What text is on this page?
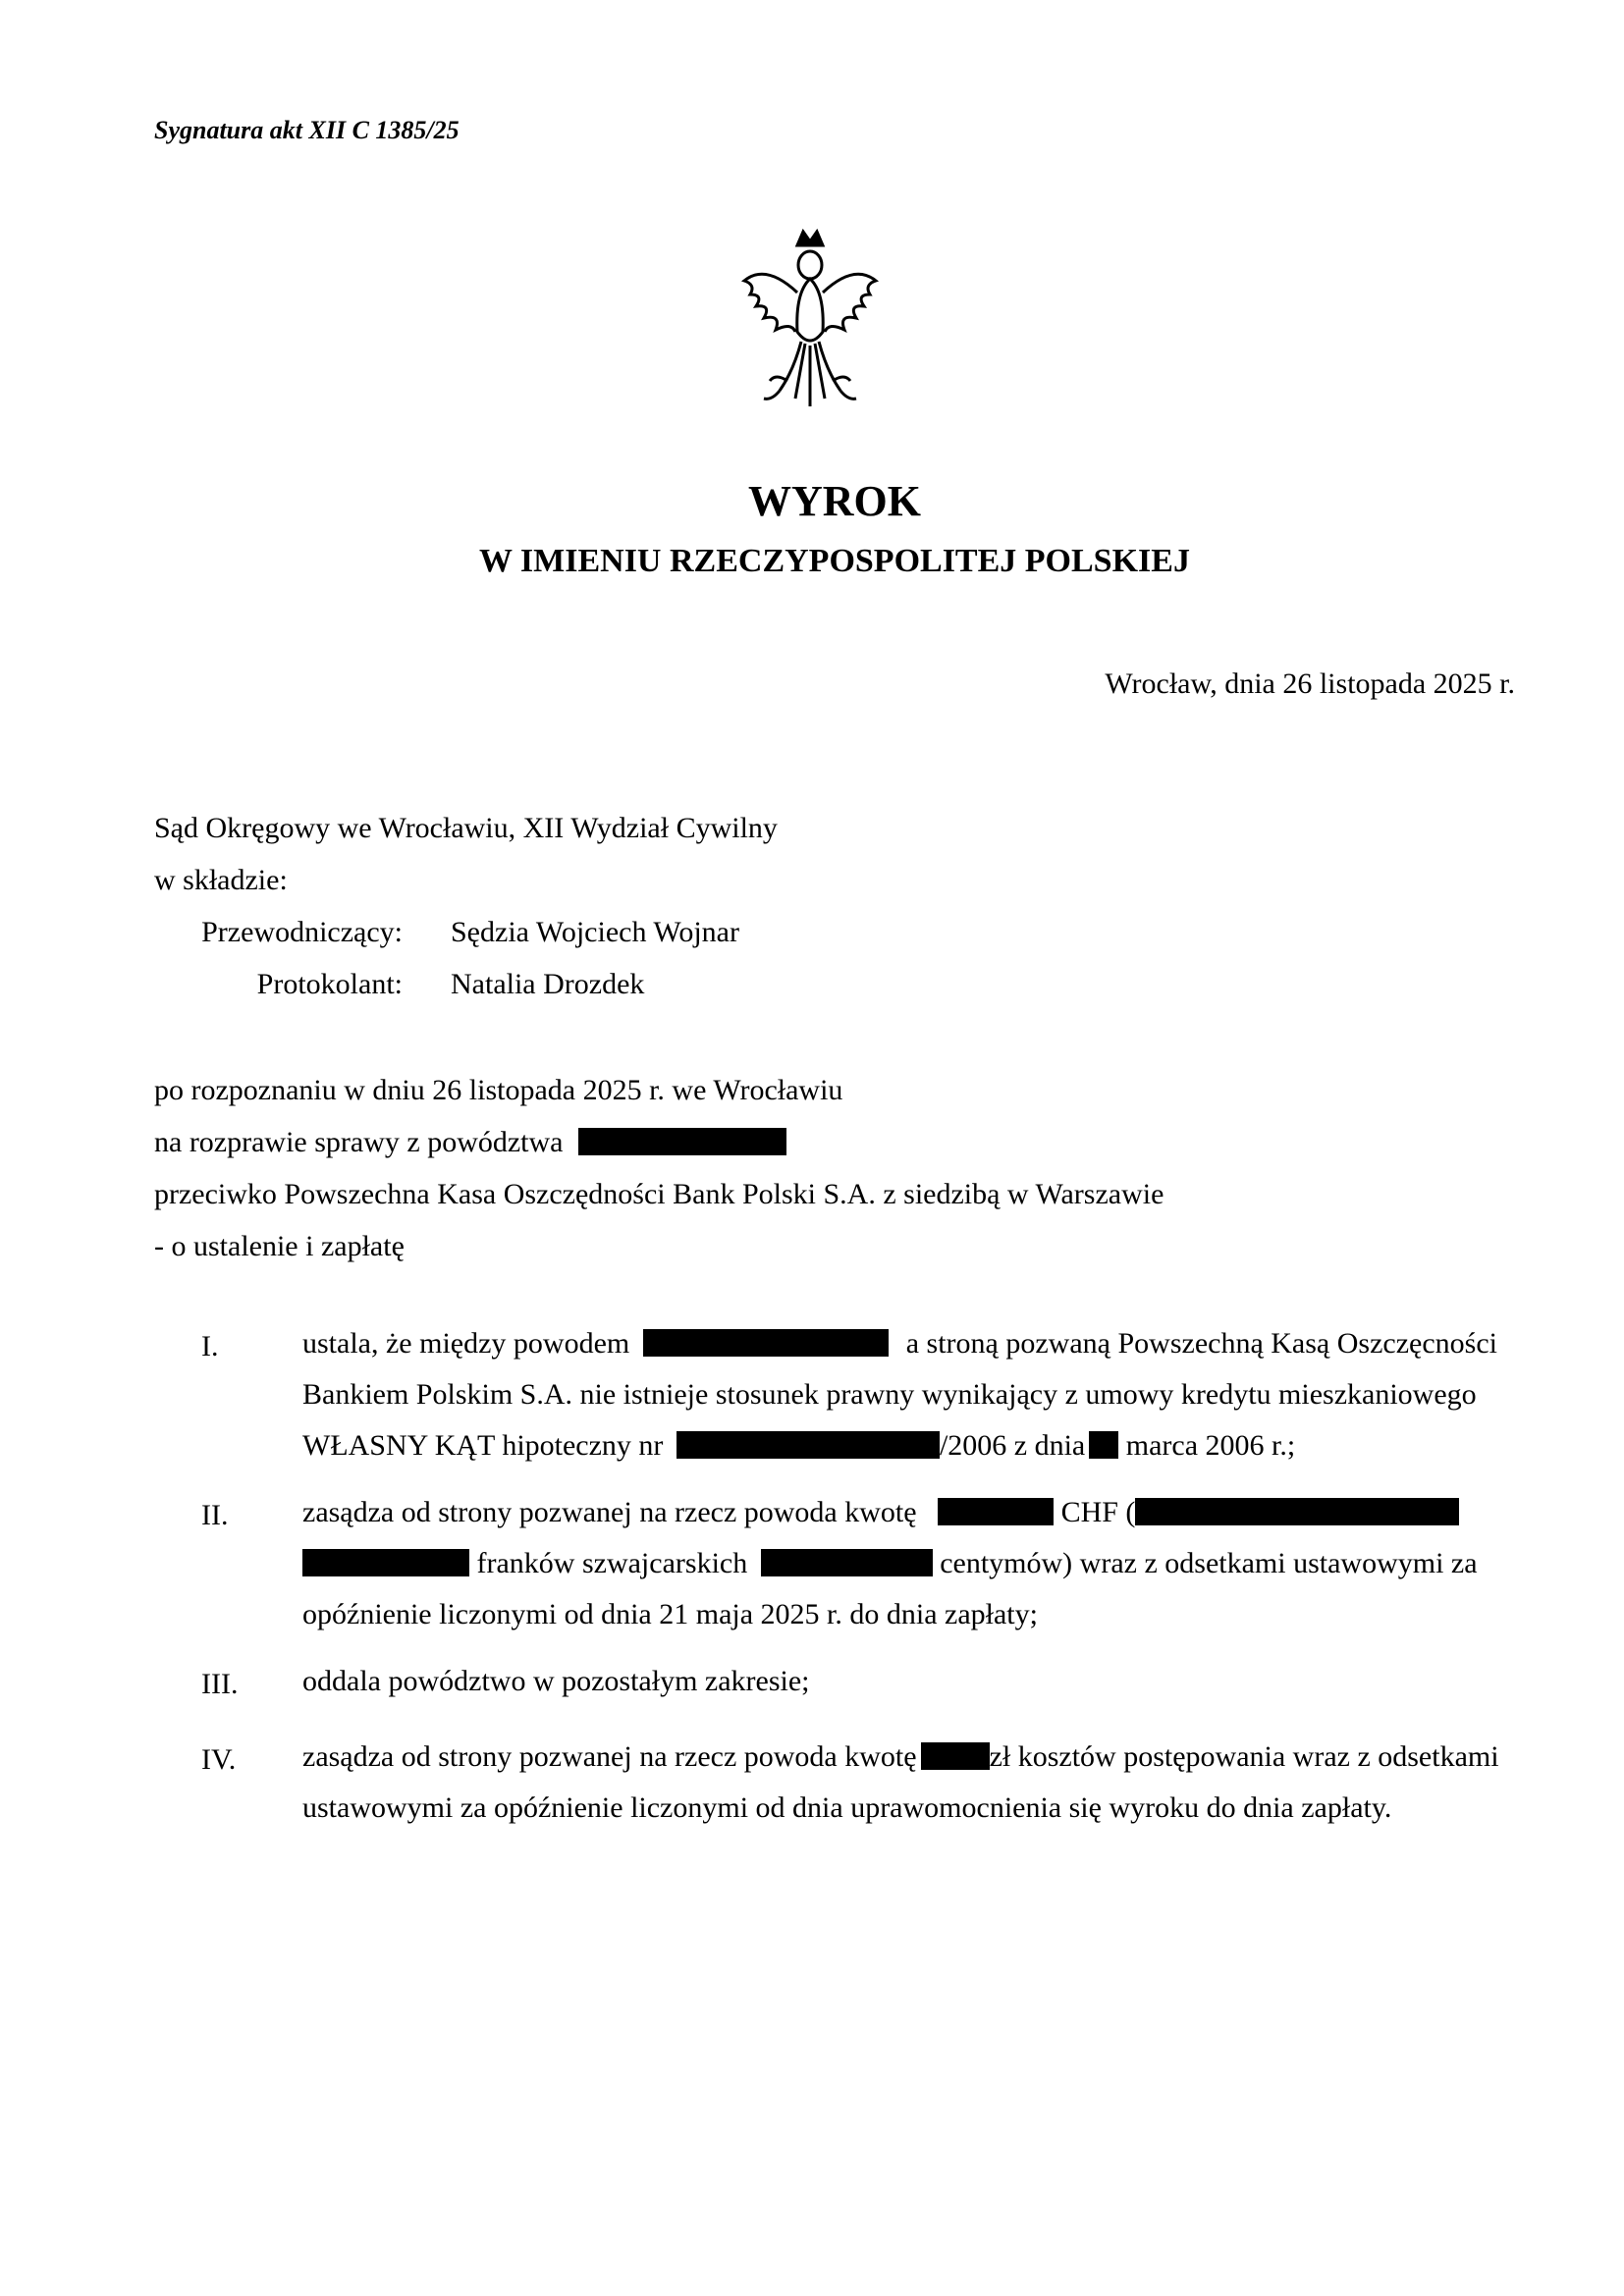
Sygnatura akt XII C 1385/25
WYROK
W IMIENIU RZECZYPOSPOLITEJ POLSKIEJ
Wrocław, dnia 26 listopada 2025 r.
Sąd Okręgowy we Wrocławiu, XII Wydział Cywilny
w składzie:
Przewodniczący: Sędzia Wojciech Wojnar
Protokolant: Natalia Drozdek
po rozpoznaniu w dniu 26 listopada 2025 r. we Wrocławiu
na rozprawie sprawy z powództwa
przeciwko Powszechna Kasa Oszczędności Bank Polski S.A. z siedzibą w Warszawie
- o ustalenie i zapłatę
I.	ustala, że między powodem	a stroną pozwaną Powszechną Kasą Oszczęcności
Bankiem Polskim S.A. nie istnieje stosunek prawny wynikający z umowy kredytu mieszkaniowego
WŁASNY KĄT hipoteczny nr	/2006 z dnia marca 2006 r.;
II.	zasądza od strony pozwanej na rzecz powoda kwotę	CHF (
franków szwajcarskich	centymów) wraz z odsetkami ustawowymi za
opóźnienie liczonymi od dnia 21 maja 2025 r. do dnia zapłaty;
III. oddala powództwo w pozostałym zakresie;
IV. zasądza od strony pozwanej na rzecz powoda kwotę zł kosztów postępowania wraz z odsetkami
ustawowymi za opóźnienie liczonymi od dnia uprawomocnienia się wyroku do dnia zapłaty.
